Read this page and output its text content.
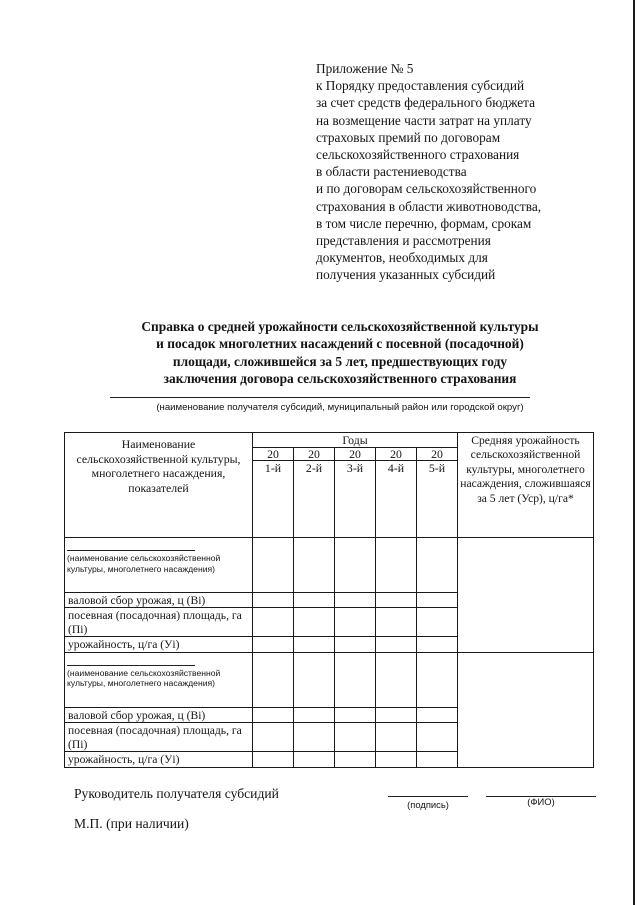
Приложение № 5
к Порядку предоставления субсидий
за счет средств федерального бюджета
на возмещение части затрат на уплату
страховых премий по договорам
сельскохозяйственного страхования
в области растениеводства
и по договорам сельскохозяйственного
страхования в области животноводства,
в том числе перечню, формам, срокам
представления и рассмотрения
документов, необходимых для
получения указанных субсидий
Справка о средней урожайности сельскохозяйственной культуры
и посадок многолетних насаждений с посевной (посадочной)
площади, сложившейся за 5 лет, предшествующих году
заключения договора сельскохозяйственного страхования
(наименование получателя субсидий, муниципальный район или городской округ)
Наименование сельскохозяйственной культуры, многолетнего насаждения, показателей	Годы					Средняя урожайность сельскохозяйственной культуры, многолетнего насаждения, сложившаяся за 5 лет (Уср), ц/га*
	20	20	20	20	20	
	1-й	2-й	3-й	4-й	5-й	

(наименование сельскохозяйственной культуры, многолетнего насаждения)						
валовой сбор урожая, ц (Вi)						
посевная (посадочная) площадь, га (Пi)						
урожайность, ц/га (Уi)						

(наименование сельскохозяйственной культуры, многолетнего насаждения)						
валовой сбор урожая, ц (Вi)						
посевная (посадочная) площадь, га (Пi)						
урожайность, ц/га (Уi)						
Руководитель получателя субсидий
(подпись)	(ФИО)
М.П. (при наличии)
